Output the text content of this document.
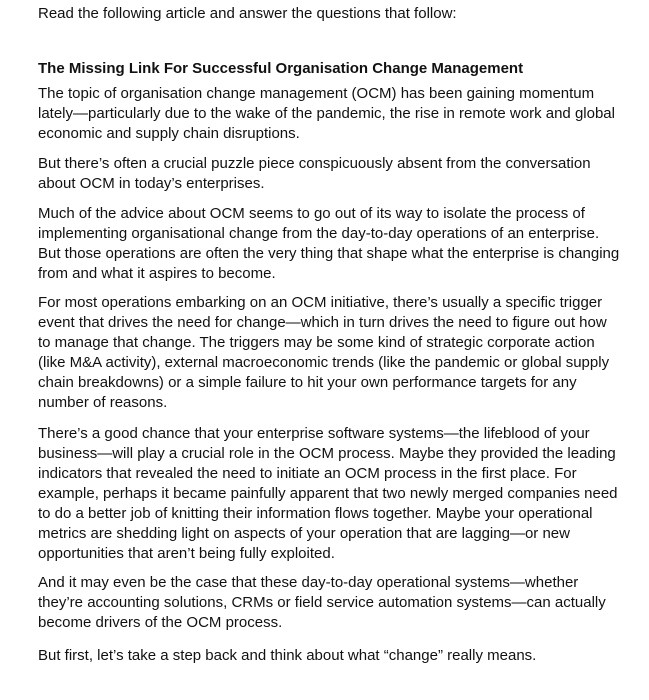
Read the following article and answer the questions that follow:

The Missing Link For Successful Organisation Change Management

The topic of organisation change management (OCM) has been gaining momentum
lately—particularly due to the wake of the pandemic, the rise in remote work and global
economic and supply chain disruptions.

But there’s often a crucial puzzle piece conspicuously absent from the conversation
about OCM in today’s enterprises.

Much of the advice about OCM seems to go out of its way to isolate the process of
implementing organisational change from the day-to-day operations of an enterprise.
But those operations are often the very thing that shape what the enterprise is changing
from and what it aspires to become.

For most operations embarking on an OCM initiative, there’s usually a specific trigger
event that drives the need for change—which in turn drives the need to figure out how
to manage that change. The triggers may be some kind of strategic corporate action
(like M&A activity), external macroeconomic trends (like the pandemic or global supply
chain breakdowns) or a simple failure to hit your own performance targets for any
number of reasons.

There’s a good chance that your enterprise software systems—the lifeblood of your
business—will play a crucial role in the OCM process. Maybe they provided the leading
indicators that revealed the need to initiate an OCM process in the first place. For
example, perhaps it became painfully apparent that two newly merged companies need
to do a better job of knitting their information flows together. Maybe your operational
metrics are shedding light on aspects of your operation that are lagging—or new
opportunities that aren’t being fully exploited.

And it may even be the case that these day-to-day operational systems—whether
they’re accounting solutions, CRMs or field service automation systems—can actually
become drivers of the OCM process.

But first, let’s take a step back and think about what “change” really means.
